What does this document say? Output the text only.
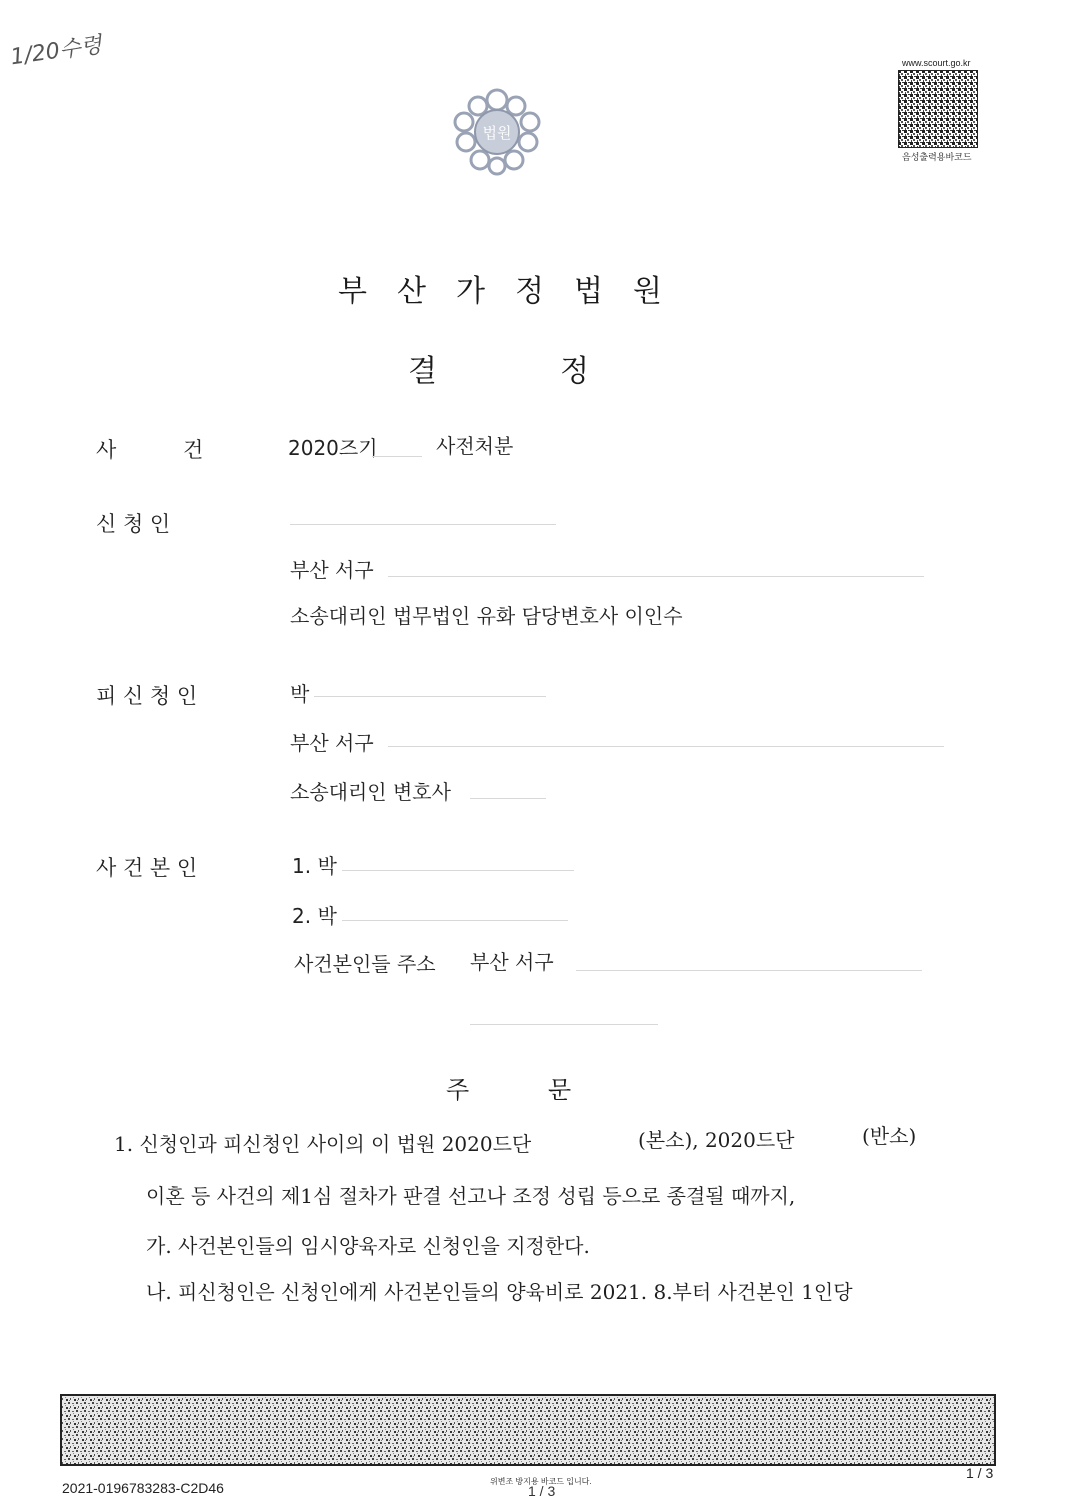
1/20수령
법원
www.scourt.go.kr
음성출력용바코드
부산가정법원
결	정
사 건	2020즈기	사전처분
신 청 인
부산 서구
소송대리인 법무법인 유화 담당변호사 이인수
피 신 청 인	박
부산 서구
소송대리인 변호사
사 건 본 인	1. 박
2. 박
사건본인들 주소 부산 서구
주	문
1. 신청인과 피신청인 사이의 이 법원 2020드단	(본소), 2020드단	(반소)
이혼 등 사건의 제1심 절차가 판결 선고나 조정 성립 등으로 종결될 때까지,
가. 사건본인들의 임시양육자로 신청인을 지정한다.
나. 피신청인은 신청인에게 사건본인들의 양육비로 2021. 8.부터 사건본인 1인당
2021-0196783283-C2D46	위변조 방지용 바코드 입니다.
1 / 3
1 / 3
